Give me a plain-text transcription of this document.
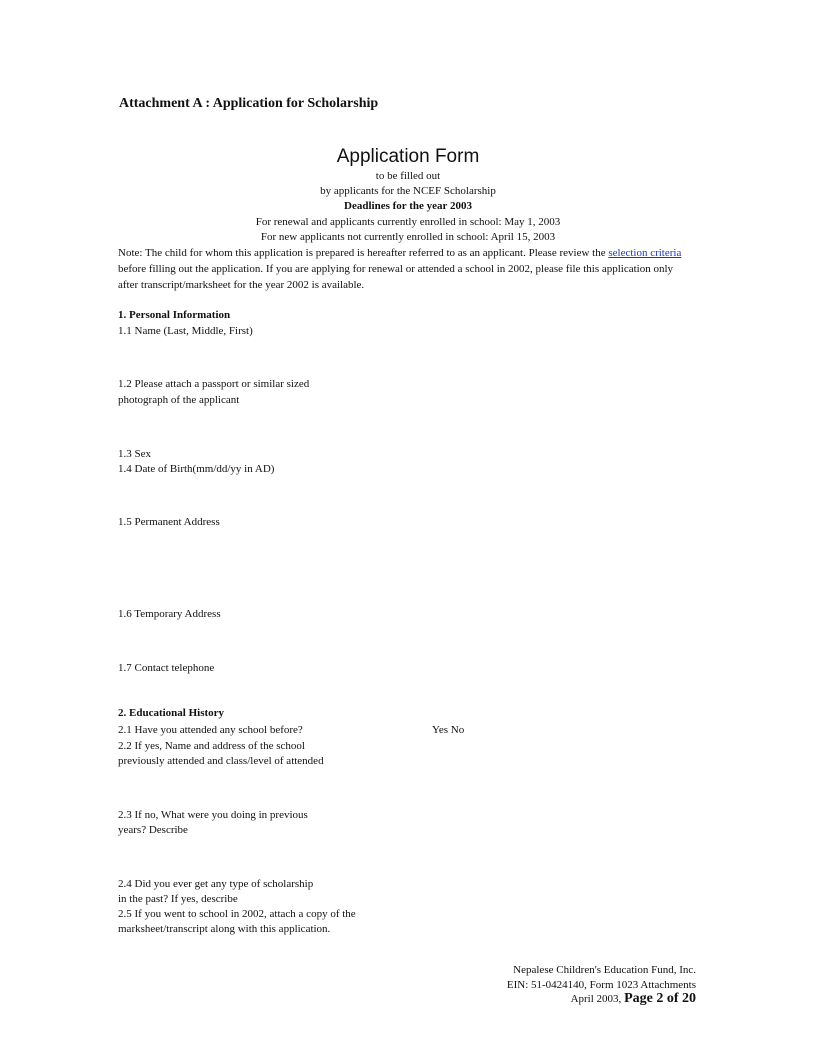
Attachment A : Application for Scholarship
Application Form
to be filled out
by applicants for the NCEF Scholarship
Deadlines for the year 2003
For renewal and applicants currently enrolled in school: May 1, 2003
For new applicants not currently enrolled in school: April 15, 2003
Note: The child for whom this application is prepared is hereafter referred to as an applicant. Please review the selection criteria before filling out the application. If you are applying for renewal or attended a school in 2002, please file this application only after transcript/marksheet for the year 2002 is available.
1. Personal Information
1.1 Name (Last, Middle, First)
1.2 Please attach a passport or similar sized
photograph of the applicant
1.3 Sex
1.4 Date of Birth(mm/dd/yy in AD)
1.5 Permanent Address
1.6 Temporary Address
1.7 Contact telephone
2. Educational History
2.1 Have you attended any school before?	Yes No
2.2 If yes, Name and address of the school
previously attended and class/level of attended
2.3 If no, What were you doing in previous
years? Describe
2.4 Did you ever get any type of scholarship
in the past? If yes, describe
2.5 If you went to school in 2002, attach a copy of the
marksheet/transcript along with this application.
Nepalese Children's Education Fund, Inc.
EIN: 51-0424140, Form 1023 Attachments
April 2003, Page 2 of 20
